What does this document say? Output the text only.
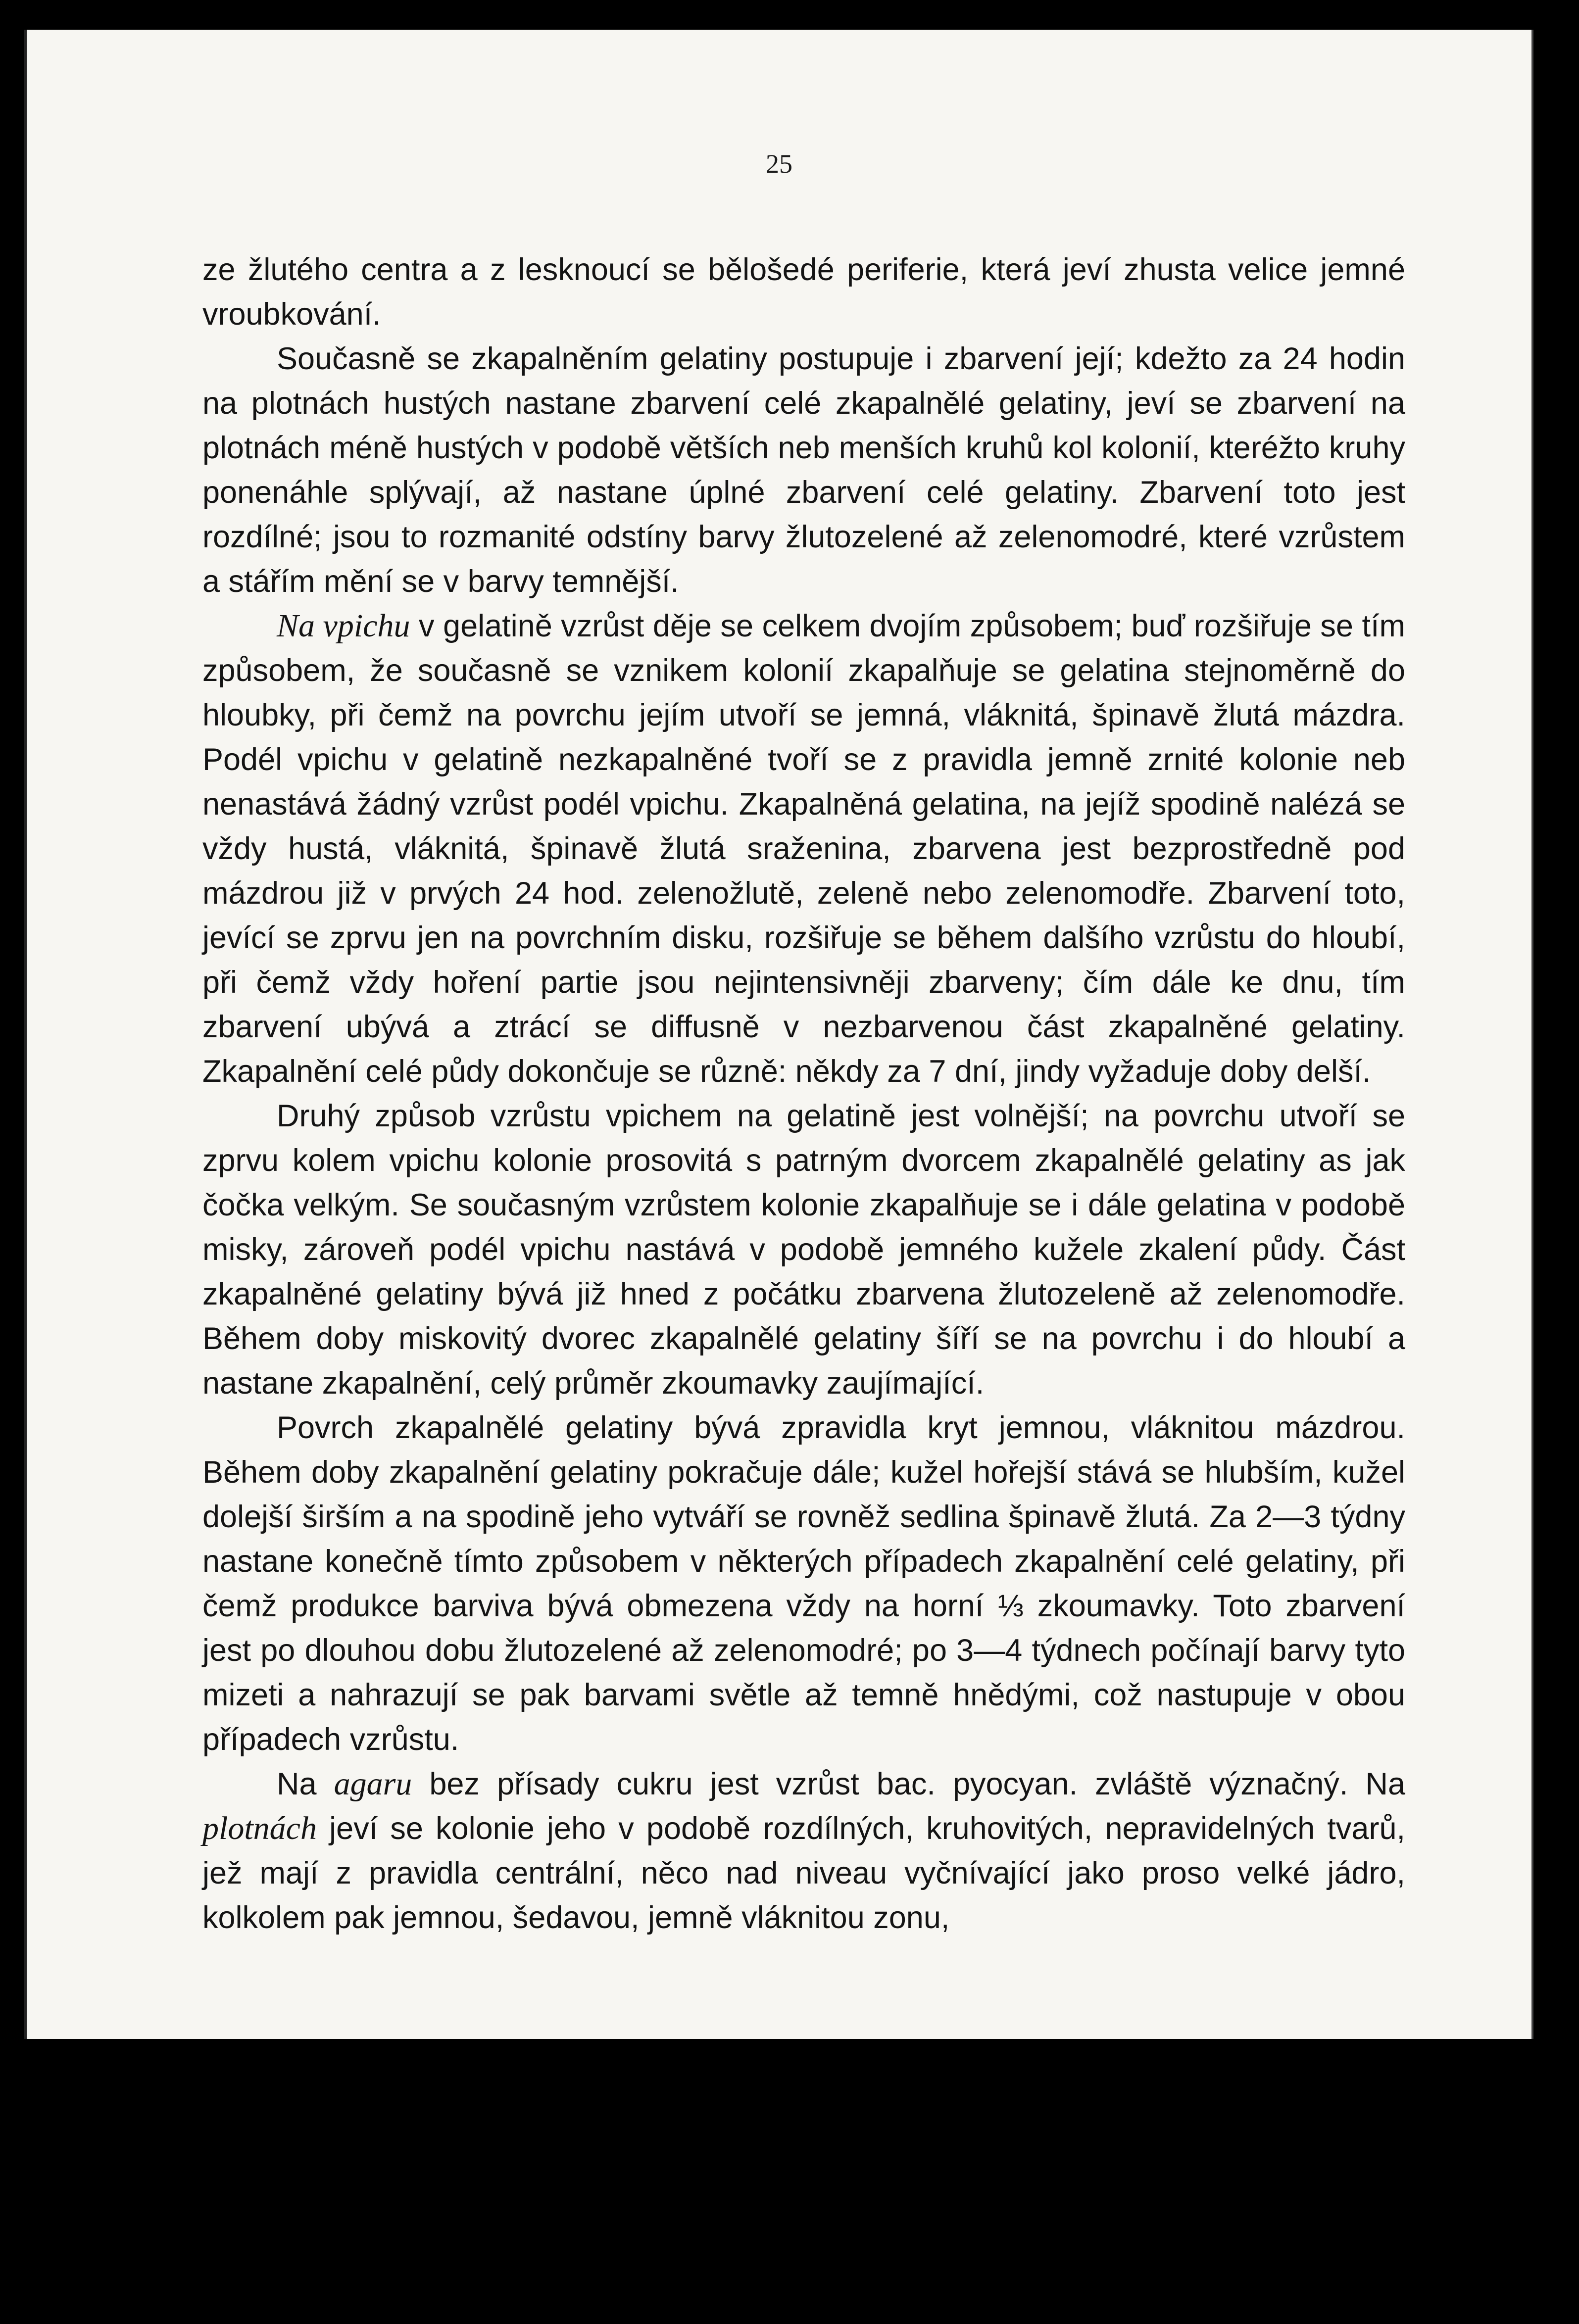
25

ze žlutého centra a z lesknoucí se bělošedé periferie, která jeví zhusta velice jemné vroubkování.

Současně se zkapalněním gelatiny postupuje i zbarvení její; kdežto za 24 hodin na plotnách hustých nastane zbarvení celé zkapalnělé gelatiny, jeví se zbarvení na plotnách méně hustých v podobě větších neb menších kruhů kol kolonií, kteréžto kruhy ponenáhle splývají, až nastane úplné zbarvení celé gelatiny. Zbarvení toto jest rozdílné; jsou to rozmanité odstíny barvy žlutozelené až zelenomodré, které vzrůstem a stářím mění se v barvy temnější.

Na vpichu v gelatině vzrůst děje se celkem dvojím způsobem; buď rozšiřuje se tím způsobem, že současně se vznikem kolonií zkapalňuje se gelatina stejnoměrně do hloubky, při čemž na povrchu jejím utvoří se jemná, vláknitá, špinavě žlutá mázdra. Podél vpichu v gelatině nezkapalněné tvoří se z pravidla jemně zrnité kolonie neb nenastává žádný vzrůst podél vpichu. Zkapalněná gelatina, na jejíž spodině nalézá se vždy hustá, vláknitá, špinavě žlutá sraženina, zbarvena jest bezprostředně pod mázdrou již v prvých 24 hod. zelenožlutě, zeleně nebo zelenomodře. Zbarvení toto, jevící se zprvu jen na povrchním disku, rozšiřuje se během dalšího vzrůstu do hloubí, při čemž vždy hoření partie jsou nejintensivněji zbarveny; čím dále ke dnu, tím zbarvení ubývá a ztrácí se diffusně v nezbarvenou část zkapalněné gelatiny. Zkapalnění celé půdy dokončuje se různě: někdy za 7 dní, jindy vyžaduje doby delší.

Druhý způsob vzrůstu vpichem na gelatině jest volnější; na povrchu utvoří se zprvu kolem vpichu kolonie prosovitá s patrným dvorcem zkapalnělé gelatiny as jak čočka velkým. Se současným vzrůstem kolonie zkapalňuje se i dále gelatina v podobě misky, zároveň podél vpichu nastává v podobě jemného kužele zkalení půdy. Část zkapalněné gelatiny bývá již hned z počátku zbarvena žlutozeleně až zelenomodře. Během doby miskovitý dvorec zkapalnělé gelatiny šíří se na povrchu i do hloubí a nastane zkapalnění, celý průměr zkoumavky zaujímající.

Povrch zkapalnělé gelatiny bývá zpravidla kryt jemnou, vláknitou mázdrou. Během doby zkapalnění gelatiny pokračuje dále; kužel hořejší stává se hlubším, kužel dolejší širším a na spodině jeho vytváří se rovněž sedlina špinavě žlutá. Za 2—3 týdny nastane konečně tímto způsobem v některých případech zkapalnění celé gelatiny, při čemž produkce barviva bývá obmezena vždy na horní ⅓ zkoumavky. Toto zbarvení jest po dlouhou dobu žlutozelené až zelenomodré; po 3—4 týdnech počínají barvy tyto mizeti a nahrazují se pak barvami světle až temně hnědými, což nastupuje v obou případech vzrůstu.

Na agaru bez přísady cukru jest vzrůst bac. pyocyan. zvláště význačný. Na plotnách jeví se kolonie jeho v podobě rozdílných, kruhovitých, nepravidelných tvarů, jež mají z pravidla centrální, něco nad niveau vyčnívající jako proso velké jádro, kolkolem pak jemnou, šedavou, jemně vláknitou zonu,
